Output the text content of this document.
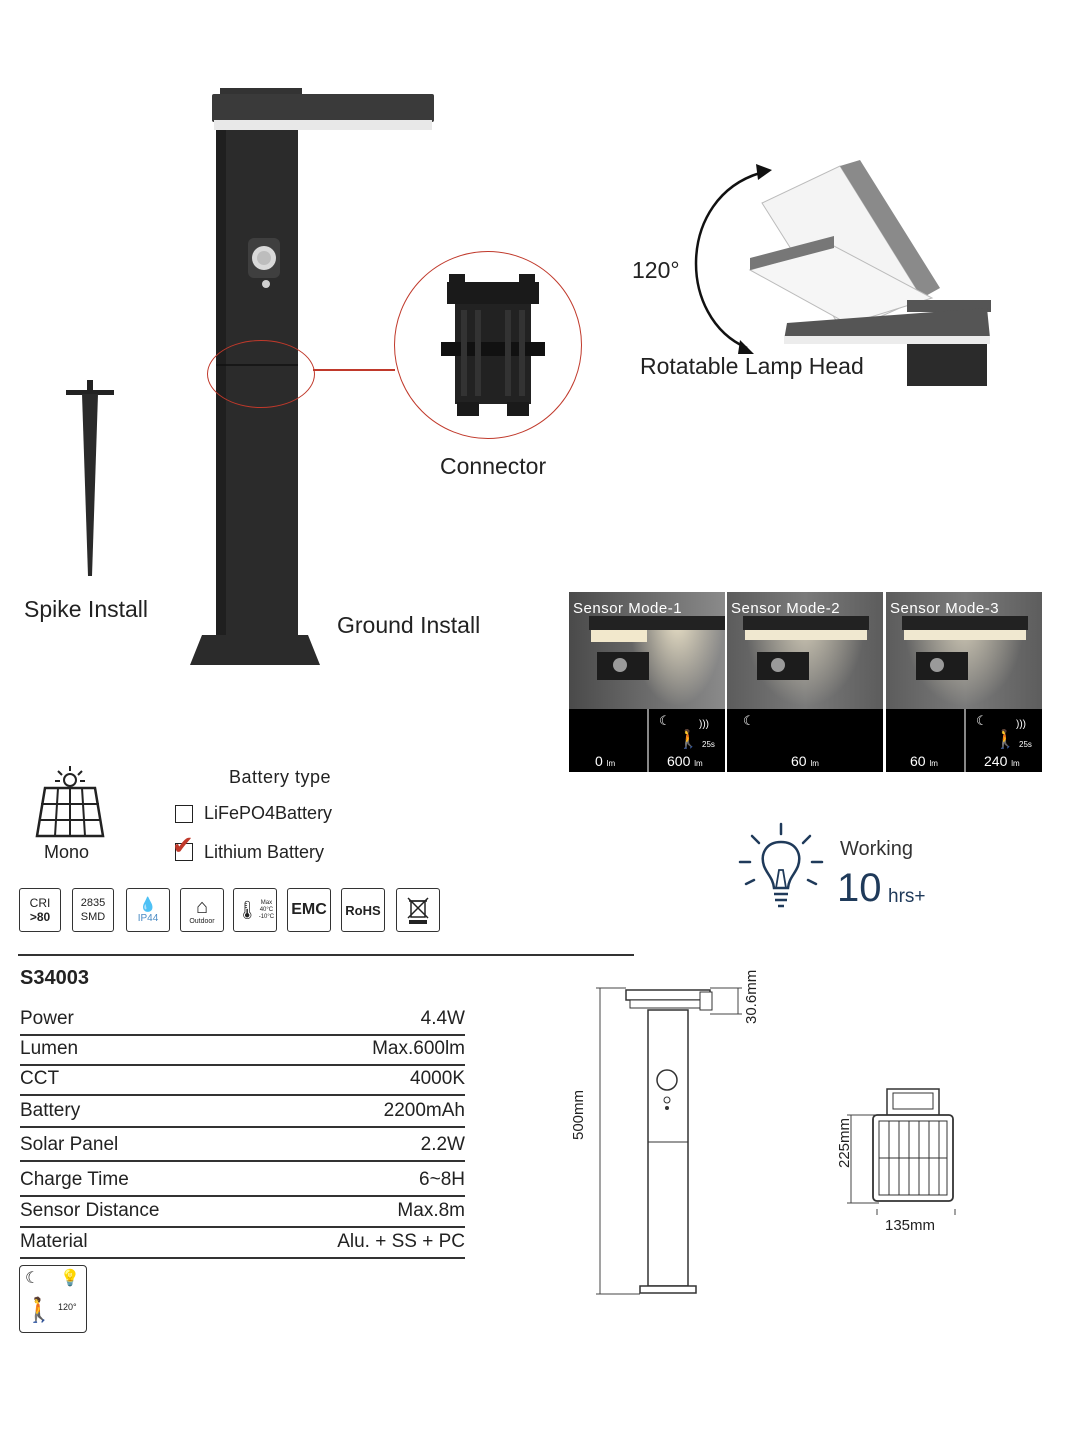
Connector
Spike Install
Ground Install
120°
Rotatable Lamp Head
Sensor Mode-1
☾
🚶
)))
25s
0 lm	600 lm
Sensor Mode-2
☾
60 lm
Sensor Mode-3
☾
🚶
)))
25s
60 lm	240 lm
Mono
Battery type
LiFePO4Battery
✔ Lithium Battery	Working
10 hrs+
CRI
>80
2835
SMD
💧
IP44
⌂
Outdoor
🌡 Max
40°C
-10°C EMC	RoHS
S34003
Power	4.4W
Lumen	Max.600lm
CCT	4000K
Battery	2200mAh
Solar Panel	2.2W
Charge Time	6~8H
Sensor Distance	Max.8m
Material	Alu. + SS + PC
☾ 💡
🚶 120°
500mm
30.6mm
225mm
135mm
